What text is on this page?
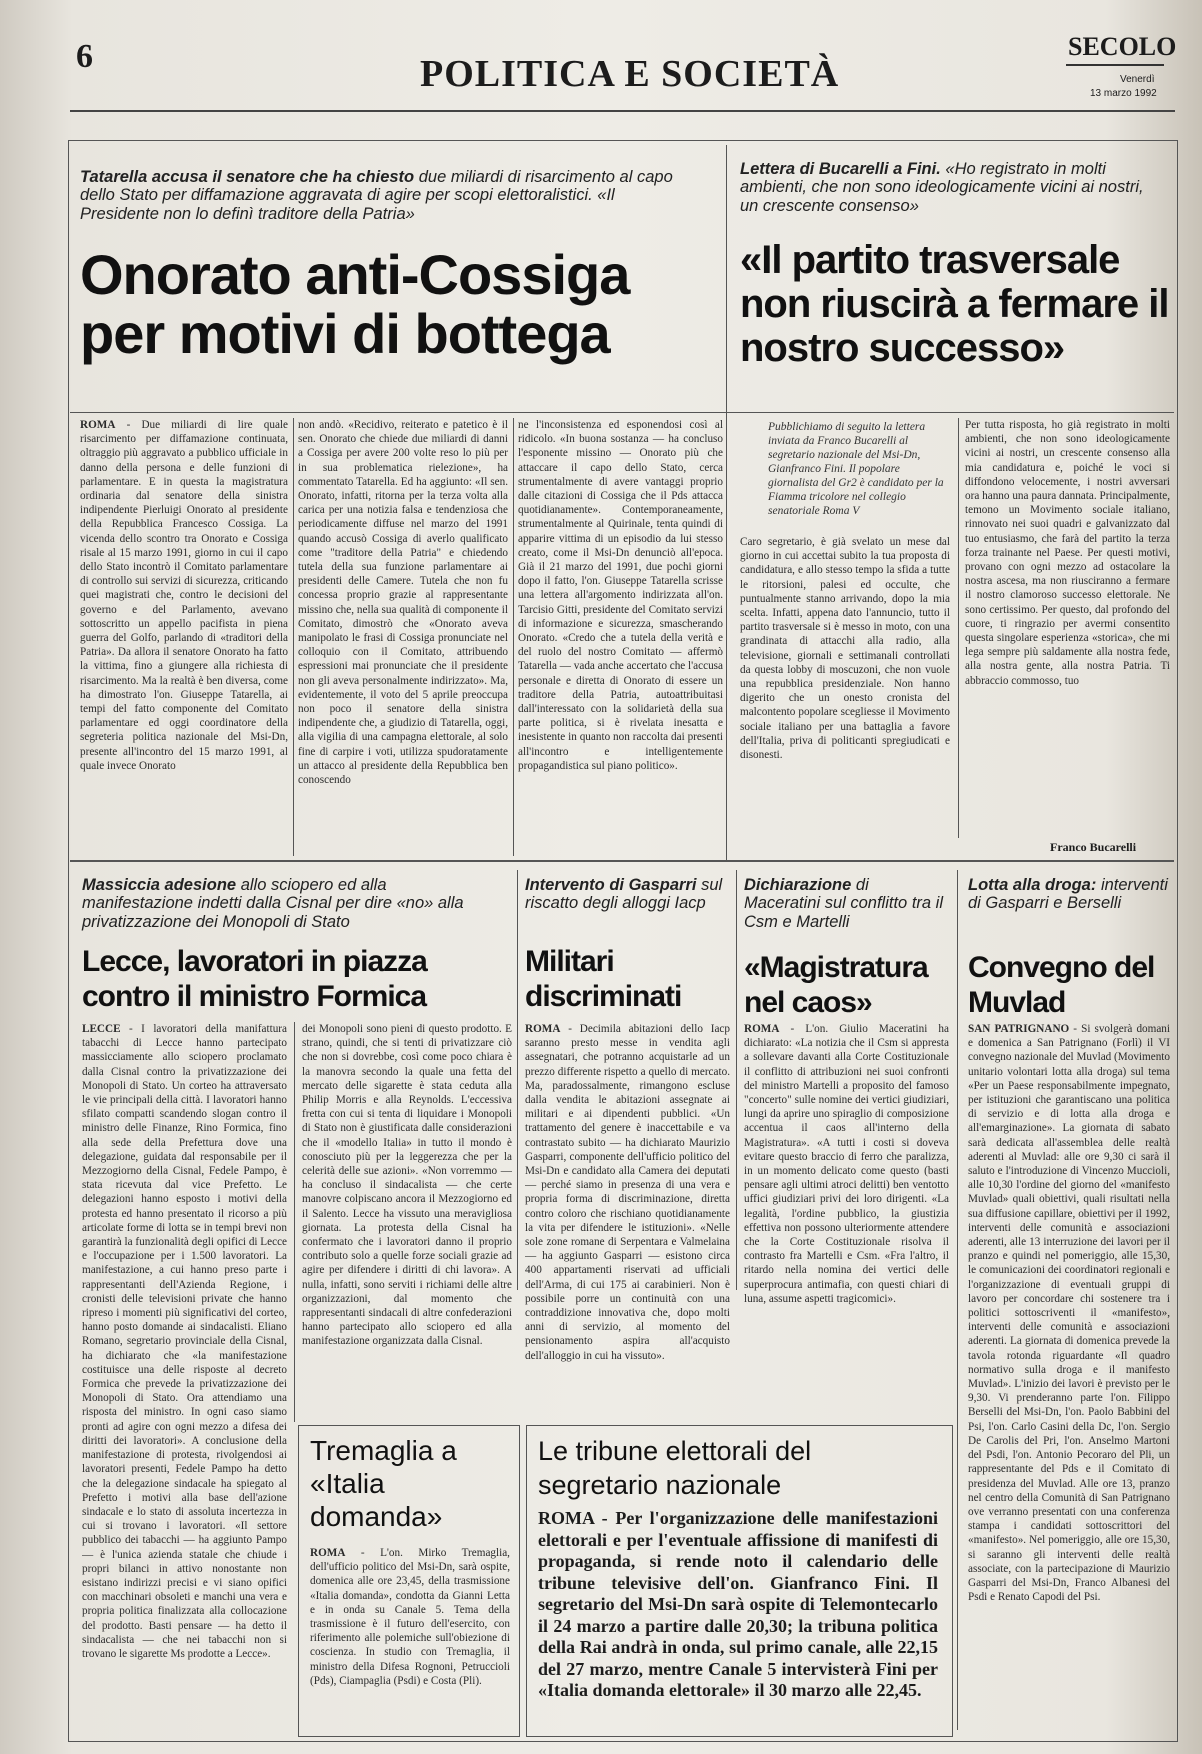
6	POLITICA E SOCIETÀ
SECOLO
Venerdì
13 marzo 1992
Tatarella accusa il senatore che ha chiesto due miliardi di risarcimento al capo dello Stato per diffamazione aggravata di agire per scopi elettoralistici. «Il Presidente non lo definì traditore della Patria»
Onorato anti-Cossiga per motivi di bottega
ROMA - Due miliardi di lire quale risarcimento per diffamazione continuata, oltraggio più aggravato a pubblico ufficiale in danno della persona e delle funzioni di parlamentare. E in questa la magistratura ordinaria dal senatore della sinistra indipendente Pierluigi Onorato al presidente della Repubblica Francesco Cossiga. La vicenda dello scontro tra Onorato e Cossiga risale al 15 marzo 1991, giorno in cui il capo dello Stato incontrò il Comitato parlamentare di controllo sui servizi di sicurezza, criticando quei magistrati che, contro le decisioni del governo e del Parlamento, avevano sottoscritto un appello pacifista in piena guerra del Golfo, parlando di «traditori della Patria». Da allora il senatore Onorato ha fatto la vittima, fino a giungere alla richiesta di risarcimento. Ma la realtà è ben diversa, come ha dimostrato l'on. Giuseppe Tatarella, ai tempi del fatto componente del Comitato parlamentare ed oggi coordinatore della segreteria politica nazionale del Msi-Dn, presente all'incontro del 15 marzo 1991, al quale invece Onorato
non andò. «Recidivo, reiterato e patetico è il sen. Onorato che chiede due miliardi di danni a Cossiga per avere 200 volte reso lo più per in sua problematica rielezione», ha commentato Tatarella. Ed ha aggiunto: «Il sen. Onorato, infatti, ritorna per la terza volta alla carica per una notizia falsa e tendenziosa che periodicamente diffuse nel marzo del 1991 quando accusò Cossiga di averlo qualificato come "traditore della Patria" e chiedendo tutela della sua funzione parlamentare ai presidenti delle Camere. Tutela che non fu concessa proprio grazie al rappresentante missino che, nella sua qualità di componente il Comitato, dimostrò che «Onorato aveva manipolato le frasi di Cossiga pronunciate nel colloquio con il Comitato, attribuendo espressioni mai pronunciate che il presidente non gli aveva personalmente indirizzato». Ma, evidentemente, il voto del 5 aprile preoccupa non poco il senatore della sinistra indipendente che, a giudizio di Tatarella, oggi, alla vigilia di una campagna elettorale, al solo fine di carpire i voti, utilizza spudoratamente un attacco al presidente della Repubblica ben conoscendo
ne l'inconsistenza ed esponendosi così al ridicolo. «In buona sostanza — ha concluso l'esponente missino — Onorato più che attaccare il capo dello Stato, cerca strumentalmente di avere vantaggi proprio dalle citazioni di Cossiga che il Pds attacca quotidianamente». Contemporaneamente, strumentalmente al Quirinale, tenta quindi di apparire vittima di un episodio da lui stesso creato, come il Msi-Dn denunciò all'epoca. Già il 21 marzo del 1991, due pochi giorni dopo il fatto, l'on. Giuseppe Tatarella scrisse una lettera all'argomento indirizzata all'on. Tarcisio Gitti, presidente del Comitato servizi di informazione e sicurezza, smascherando Onorato. «Credo che a tutela della verità e del ruolo del nostro Comitato — affermò Tatarella — vada anche accertato che l'accusa personale e diretta di Onorato di essere un traditore della Patria, autoattribuitasi dall'interessato con la solidarietà della sua parte politica, si è rivelata inesatta e inesistente in quanto non raccolta dai presenti all'incontro e intelligentemente propagandistica sul piano politico».
Lettera di Bucarelli a Fini. «Ho registrato in molti ambienti, che non sono ideologicamente vicini ai nostri, un crescente consenso»
«Il partito trasversale non riuscirà a fermare il nostro successo»
Pubblichiamo di seguito la lettera inviata da Franco Bucarelli al segretario nazionale del Msi-Dn, Gianfranco Fini. Il popolare giornalista del Gr2 è candidato per la Fiamma tricolore nel collegio senatoriale Roma V
Caro segretario, è già svelato un mese dal giorno in cui accettai subito la tua proposta di candidatura, e allo stesso tempo la sfida a tutte le ritorsioni, palesi ed occulte, che puntualmente stanno arrivando, dopo la mia scelta. Infatti, appena dato l'annuncio, tutto il partito trasversale si è messo in moto, con una grandinata di attacchi alla radio, alla televisione, giornali e settimanali controllati da questa lobby di moscuzoni, che non vuole una repubblica presidenziale. Non hanno digerito che un onesto cronista del malcontento popolare scegliesse il Movimento sociale italiano per una battaglia a favore dell'Italia, priva di politicanti spregiudicati e disonesti.
Per tutta risposta, ho già registrato in molti ambienti, che non sono ideologicamente vicini ai nostri, un crescente consenso alla mia candidatura e, poiché le voci si diffondono velocemente, i nostri avversari ora hanno una paura dannata. Principalmente, temono un Movimento sociale italiano, rinnovato nei suoi quadri e galvanizzato dal tuo entusiasmo, che farà del partito la terza forza trainante nel Paese. Per questi motivi, provano con ogni mezzo ad ostacolare la nostra ascesa, ma non riusciranno a fermare il nostro clamoroso successo elettorale. Ne sono certissimo. Per questo, dal profondo del cuore, ti ringrazio per avermi consentito questa singolare esperienza «storica», che mi lega sempre più saldamente alla nostra fede, alla nostra gente, alla nostra Patria. Ti abbraccio commosso, tuo
Franco Bucarelli
Massiccia adesione allo sciopero ed alla manifestazione indetti dalla Cisnal per dire «no» alla privatizzazione dei Monopoli di Stato
Lecce, lavoratori in piazza contro il ministro Formica
LECCE - I lavoratori della manifattura tabacchi di Lecce hanno partecipato massicciamente allo sciopero proclamato dalla Cisnal contro la privatizzazione dei Monopoli di Stato. Un corteo ha attraversato le vie principali della città. I lavoratori hanno sfilato compatti scandendo slogan contro il ministro delle Finanze, Rino Formica, fino alla sede della Prefettura dove una delegazione, guidata dal responsabile per il Mezzogiorno della Cisnal, Fedele Pampo, è stata ricevuta dal vice Prefetto. Le delegazioni hanno esposto i motivi della protesta ed hanno presentato il ricorso a più articolate forme di lotta se in tempi brevi non garantirà la funzionalità degli opifici di Lecce e l'occupazione per i 1.500 lavoratori. La manifestazione, a cui hanno preso parte i rappresentanti dell'Azienda Regione, i cronisti delle televisioni private che hanno ripreso i momenti più significativi del corteo, hanno posto domande ai sindacalisti. Eliano Romano, segretario provinciale della Cisnal, ha dichiarato che «la manifestazione costituisce una delle risposte al decreto Formica che prevede la privatizzazione dei Monopoli di Stato. Ora attendiamo una risposta del ministro. In ogni caso siamo pronti ad agire con ogni mezzo a difesa dei diritti dei lavoratori». A conclusione della manifestazione di protesta, rivolgendosi ai lavoratori presenti, Fedele Pampo ha detto che la delegazione sindacale ha spiegato al Prefetto i motivi alla base dell'azione sindacale e lo stato di assoluta incertezza in cui si trovano i lavoratori. «Il settore pubblico dei tabacchi — ha aggiunto Pampo — è l'unica azienda statale che chiude i propri bilanci in attivo nonostante non esistano indirizzi precisi e vi siano opifici con macchinari obsoleti e manchi una vera e propria politica finalizzata alla collocazione del prodotto. Basti pensare — ha detto il sindacalista — che nei tabacchi non si trovano le sigarette Ms prodotte a Lecce».
dei Monopoli sono pieni di questo prodotto. E strano, quindi, che si tenti di privatizzare ciò che non si dovrebbe, così come poco chiara è la manovra secondo la quale una fetta del mercato delle sigarette è stata ceduta alla Philip Morris e alla Reynolds. L'eccessiva fretta con cui si tenta di liquidare i Monopoli di Stato non è giustificata dalle considerazioni che il «modello Italia» in tutto il mondo è conosciuto più per la leggerezza che per la celerità delle sue azioni». «Non vorremmo — ha concluso il sindacalista — che certe manovre colpiscano ancora il Mezzogiorno ed il Salento. Lecce ha vissuto una meravigliosa giornata. La protesta della Cisnal ha confermato che i lavoratori danno il proprio contributo solo a quelle forze sociali grazie ad agire per difendere i diritti di chi lavora». A nulla, infatti, sono serviti i richiami delle altre organizzazioni, dal momento che rappresentanti sindacali di altre confederazioni hanno partecipato allo sciopero ed alla manifestazione organizzata dalla Cisnal.
Intervento di Gasparri sul riscatto degli alloggi Iacp
Militari discriminati
ROMA - Decimila abitazioni dello Iacp saranno presto messe in vendita agli assegnatari, che potranno acquistarle ad un prezzo differente rispetto a quello di mercato. Ma, paradossalmente, rimangono escluse dalla vendita le abitazioni assegnate ai militari e ai dipendenti pubblici. «Un trattamento del genere è inaccettabile e va contrastato subito — ha dichiarato Maurizio Gasparri, componente dell'ufficio politico del Msi-Dn e candidato alla Camera dei deputati — perché siamo in presenza di una vera e propria forma di discriminazione, diretta contro coloro che rischiano quotidianamente la vita per difendere le istituzioni». «Nelle sole zone romane di Serpentara e Valmelaina — ha aggiunto Gasparri — esistono circa 400 appartamenti riservati ad ufficiali dell'Arma, di cui 175 ai carabinieri. Non è possibile porre un continuità con una contraddizione innovativa che, dopo molti anni di servizio, al momento del pensionamento aspira all'acquisto dell'alloggio in cui ha vissuto».
Dichiarazione di Maceratini sul conflitto tra il Csm e Martelli
«Magistratura nel caos»
ROMA - L'on. Giulio Maceratini ha dichiarato: «La notizia che il Csm si appresta a sollevare davanti alla Corte Costituzionale il conflitto di attribuzioni nei suoi confronti del ministro Martelli a proposito del famoso "concerto" sulle nomine dei vertici giudiziari, lungi da aprire uno spiraglio di composizione accentua il caos all'interno della Magistratura». «A tutti i costi si doveva evitare questo braccio di ferro che paralizza, in un momento delicato come questo (basti pensare agli ultimi atroci delitti) ben ventotto uffici giudiziari privi dei loro dirigenti. «La legalità, l'ordine pubblico, la giustizia effettiva non possono ulteriormente attendere che la Corte Costituzionale risolva il contrasto fra Martelli e Csm. «Fra l'altro, il ritardo nella nomina dei vertici delle superprocura antimafia, con questi chiari di luna, assume aspetti tragicomici».
Lotta alla droga: interventi di Gasparri e Berselli
Convegno del Muvlad
SAN PATRIGNANO - Si svolgerà domani e domenica a San Patrignano (Forlì) il VI convegno nazionale del Muvlad (Movimento unitario volontari lotta alla droga) sul tema «Per un Paese responsabilmente impegnato, per istituzioni che garantiscano una politica di servizio e di lotta alla droga e all'emarginazione». La giornata di sabato sarà dedicata all'assemblea delle realtà aderenti al Muvlad: alle ore 9,30 ci sarà il saluto e l'introduzione di Vincenzo Muccioli, alle 10,30 l'ordine del giorno del «manifesto Muvlad» quali obiettivi, quali risultati nella sua diffusione capillare, obiettivi per il 1992, interventi delle comunità e associazioni aderenti, alle 13 interruzione dei lavori per il pranzo e quindi nel pomeriggio, alle 15,30, le comunicazioni dei coordinatori regionali e l'organizzazione di eventuali gruppi di lavoro per concordare chi sostenere tra i politici sottoscriventi il «manifesto», interventi delle comunità e associazioni aderenti. La giornata di domenica prevede la tavola rotonda riguardante «Il quadro normativo sulla droga e il manifesto Muvlad». L'inizio dei lavori è previsto per le 9,30. Vi prenderanno parte l'on. Filippo Berselli del Msi-Dn, l'on. Paolo Babbini del Psi, l'on. Carlo Casini della Dc, l'on. Sergio De Carolis del Pri, l'on. Anselmo Martoni del Psdi, l'on. Antonio Pecoraro del Pli, un rappresentante del Pds e il Comitato di presidenza del Muvlad. Alle ore 13, pranzo nel centro della Comunità di San Patrignano ove verranno presentati con una conferenza stampa i candidati sottoscrittori del «manifesto». Nel pomeriggio, alle ore 15,30, si saranno gli interventi delle realtà associate, con la partecipazione di Maurizio Gasparri del Msi-Dn, Franco Albanesi del Psdi e Renato Capodi del Psi.
Tremaglia a «Italia domanda»
ROMA - L'on. Mirko Tremaglia, dell'ufficio politico del Msi-Dn, sarà ospite, domenica alle ore 23,45, della trasmissione «Italia domanda», condotta da Gianni Letta e in onda su Canale 5. Tema della trasmissione è il futuro dell'esercito, con riferimento alle polemiche sull'obiezione di coscienza. In studio con Tremaglia, il ministro della Difesa Rognoni, Petruccioli (Pds), Ciampaglia (Psdi) e Costa (Pli).
Le tribune elettorali del segretario nazionale
ROMA - Per l'organizzazione delle manifestazioni elettorali e per l'eventuale affissione di manifesti di propaganda, si rende noto il calendario delle tribune televisive dell'on. Gianfranco Fini. Il segretario del Msi-Dn sarà ospite di Telemontecarlo il 24 marzo a partire dalle 20,30; la tribuna politica della Rai andrà in onda, sul primo canale, alle 22,15 del 27 marzo, mentre Canale 5 intervisterà Fini per «Italia domanda elettorale» il 30 marzo alle 22,45.
